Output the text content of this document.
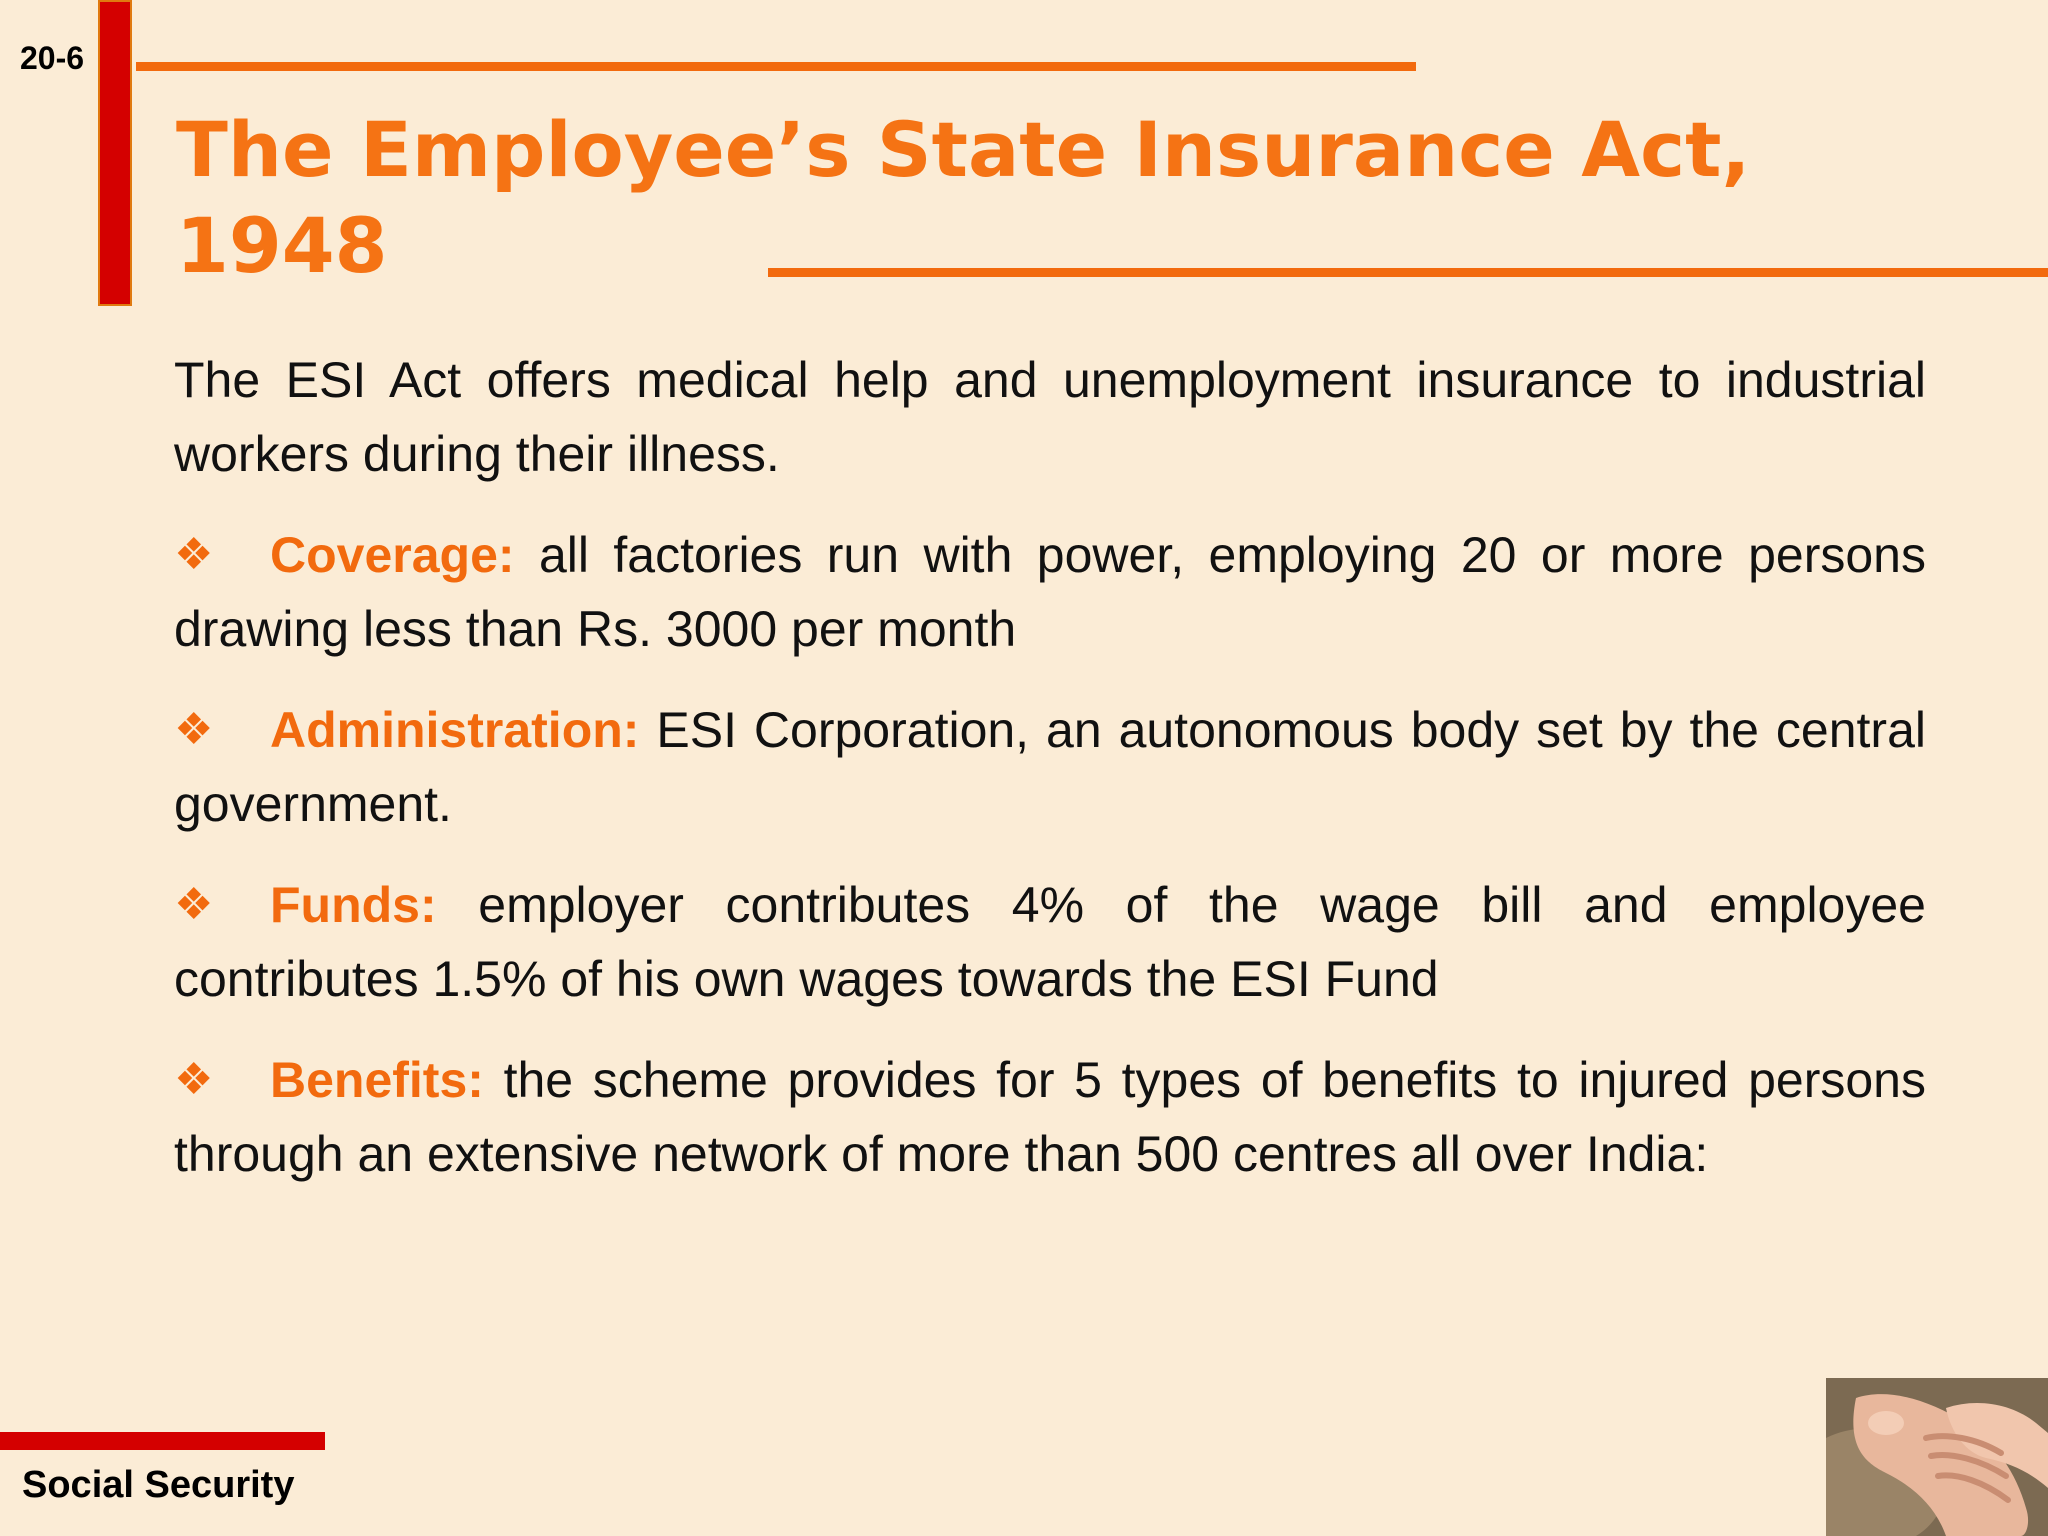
20-6
The Employee’s State Insurance Act, 1948

The ESI Act offers medical help and unemployment insurance to industrial workers during their illness.

❖ Coverage: all factories run with power, employing 20 or more persons drawing less than Rs. 3000 per month

❖ Administration: ESI Corporation, an autonomous body set by the central government.

❖ Funds: employer contributes 4% of the wage bill and employee contributes 1.5% of his own wages towards the ESI Fund

❖ Benefits: the scheme provides for 5 types of benefits to injured persons through an extensive network of more than 500 centres all over India:

Social Security
